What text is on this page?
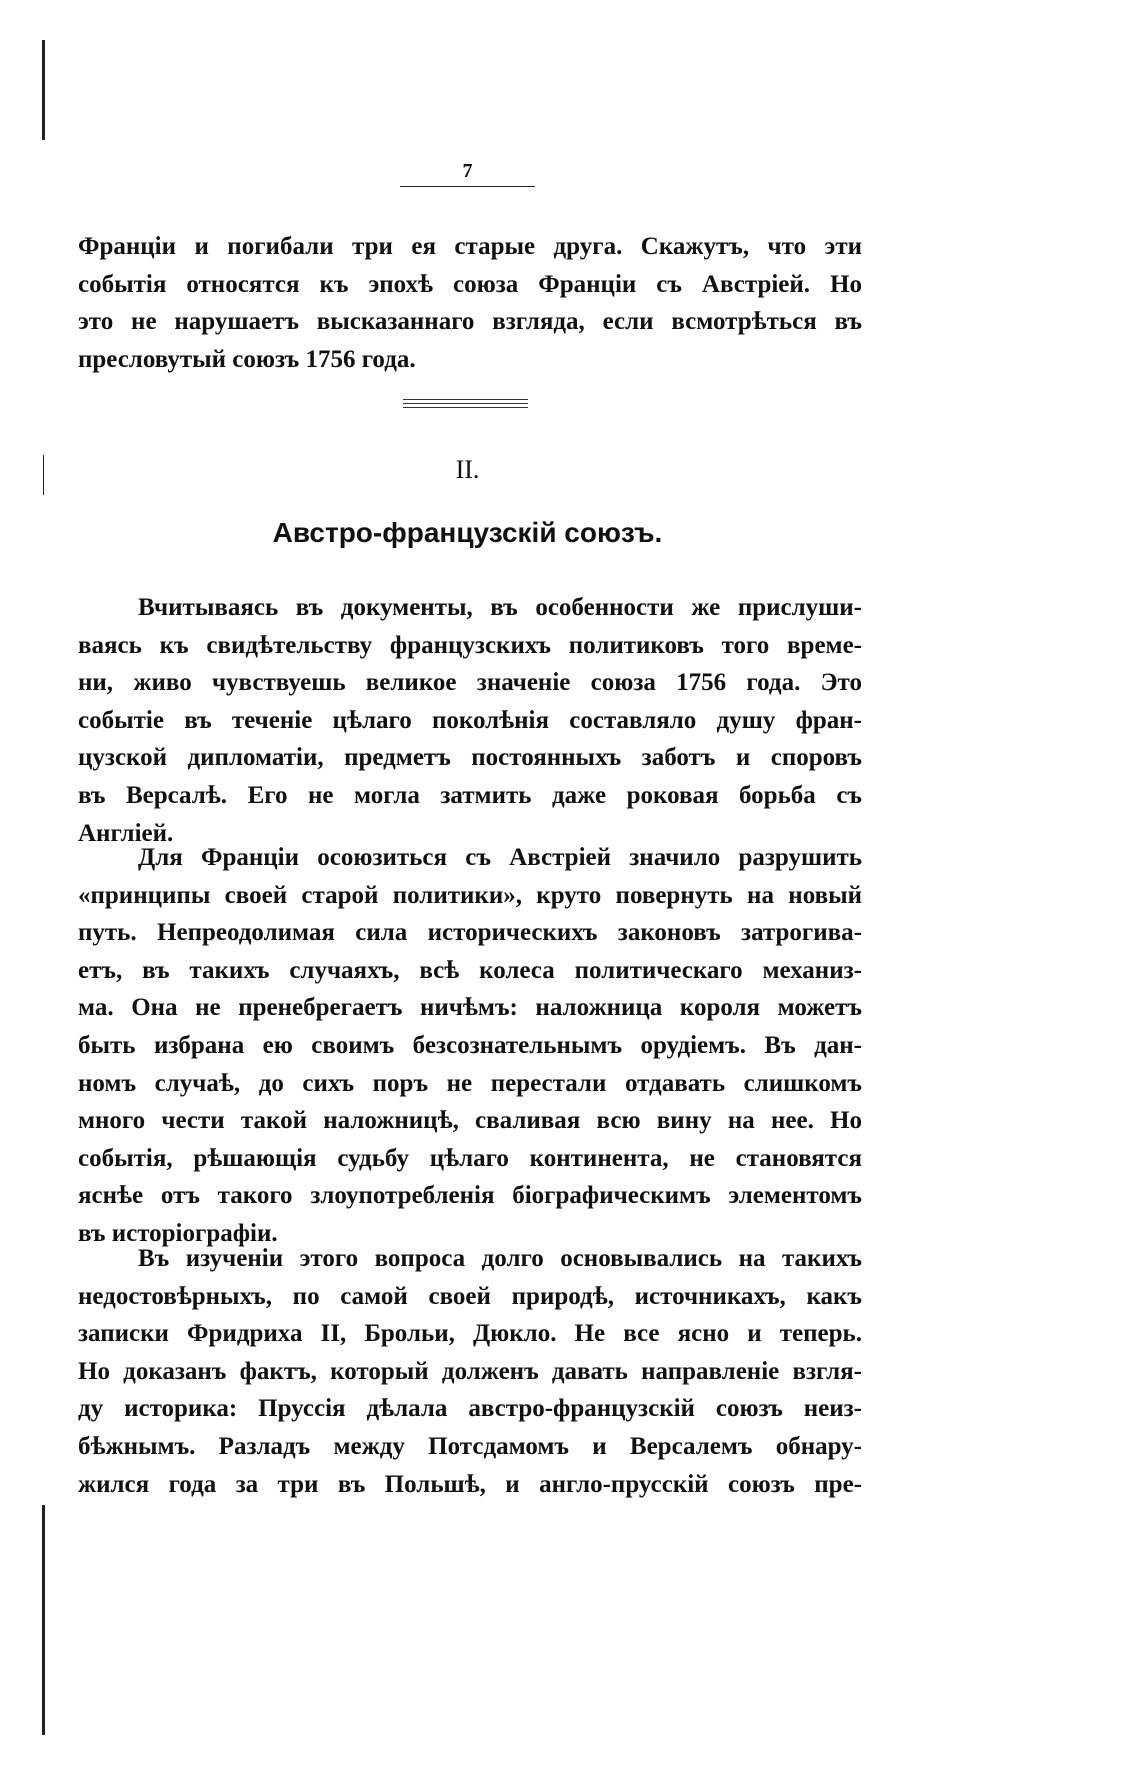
7
Франціи и погибали три ея старые друга. Скажутъ, что эти
событія относятся къ эпохѣ союза Франціи съ Австріей. Но
это не нарушаетъ высказаннаго взгляда, если всмотрѣться въ
пресловутый союзъ 1756 года.
II.
Австро-французскій союзъ.
Вчитываясь въ документы, въ особенности же прислуши-
ваясь къ свидѣтельству французскихъ политиковъ того време-
ни, живо чувствуешь великое значеніе союза 1756 года. Это
событіе въ теченіе цѣлаго поколѣнія составляло душу фран-
цузской дипломатіи, предметъ постоянныхъ заботъ и споровъ
въ Версалѣ. Его не могла затмить даже роковая борьба съ
Англіей.
Для Франціи осоюзиться съ Австріей значило разрушить
«принципы своей старой политики», круто повернуть на новый
путь. Непреодолимая сила историческихъ законовъ затрогива-
етъ, въ такихъ случаяхъ, всѣ колеса политическаго механиз-
ма. Она не пренебрегаетъ ничѣмъ: наложница короля можетъ
быть избрана ею своимъ безсознательнымъ орудіемъ. Въ дан-
номъ случаѣ, до сихъ поръ не перестали отдавать слишкомъ
много чести такой наложницѣ, сваливая всю вину на нее. Но
событія, рѣшающія судьбу цѣлаго континента, не становятся
яснѣе отъ такого злоупотребленія біографическимъ элементомъ
въ исторіографіи.
Въ изученіи этого вопроса долго основывались на такихъ
недостовѣрныхъ, по самой своей природѣ, источникахъ, какъ
записки Фридриха II, Брольи, Дюкло. Не все ясно и теперь.
Но доказанъ фактъ, который долженъ давать направленіе взгля-
ду историка: Пруссія дѣлала австро-французскій союзъ неиз-
бѣжнымъ. Разладъ между Потсдамомъ и Версалемъ обнару-
жился года за три въ Польшѣ, и англо-прусскій союзъ пре-
